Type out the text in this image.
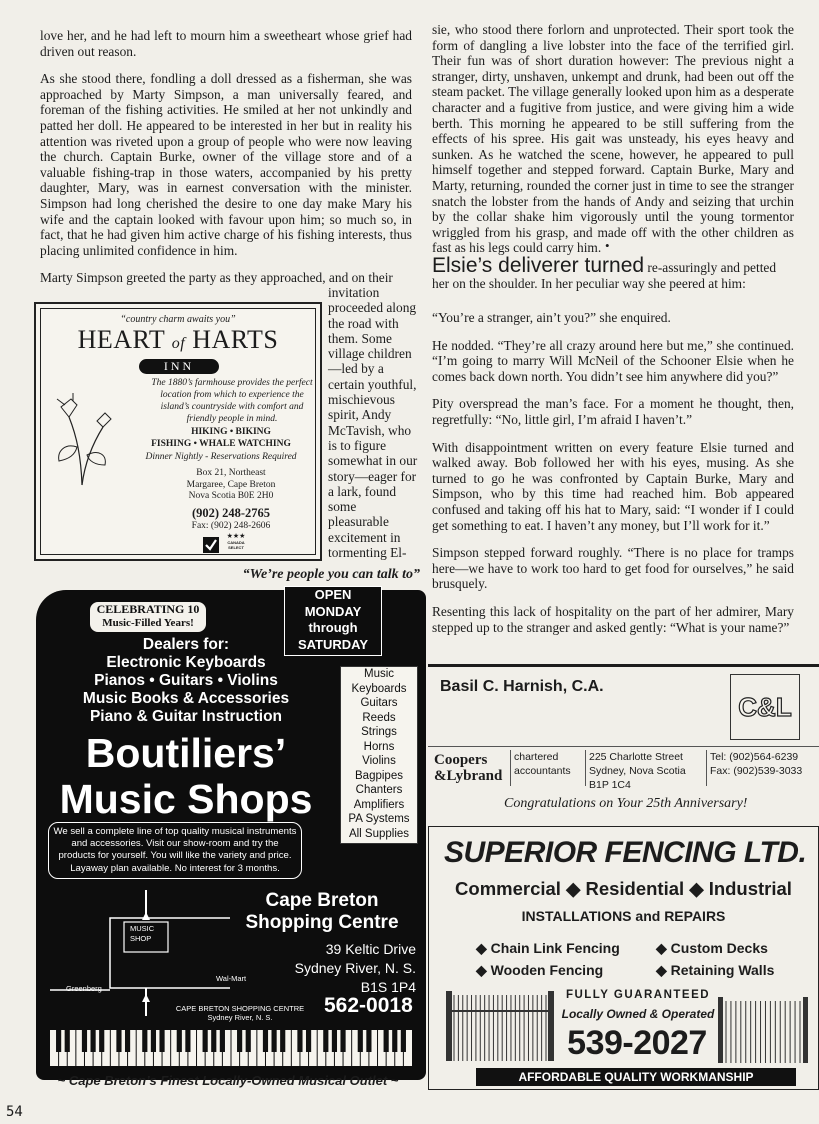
love her, and he had left to mourn him a sweetheart whose grief had driven out reason.

As she stood there, fondling a doll dressed as a fisherman, she was approached by Marty Simpson, a man universally feared, and foreman of the fishing activities. He smiled at her not unkindly and patted her doll. He appeared to be interested in her but in reality his attention was riveted upon a group of people who were now leaving the church. Captain Burke, owner of the village store and of a valuable fishing-trap in those waters, accompanied by his pretty daughter, Mary, was in earnest conversation with the minister. Simpson had long cherished the desire to one day make Mary his wife and the captain looked with favour upon him; so much so, in fact, that he had given him active charge of his fishing interests, thus placing unlimited confidence in him.

Marty Simpson greeted the party as they approached, and on their
invitation proceeded along the road with them. Some village children—led by a certain youthful, mischievous spirit, Andy McTavish, who is to figure somewhat in our story—eager for a lark, found some pleasurable excitement in tormenting El-
“country charm awaits you”
HEART of HARTS
INN
The 1880’s farmhouse provides the perfect location from which to experience the island’s countryside with comfort and friendly people in mind.
HIKING • BIKING
FISHING • WHALE WATCHING
Dinner Nightly - Reservations Required
Box 21, Northeast
Margaree, Cape Breton
Nova Scotia B0E 2H0
(902) 248-2765
Fax: (902) 248-2606
★★★
CANADA SELECT
“We’re people you can talk to”
CELEBRATING 10
Music-Filled Years!
OPEN
MONDAY
through
SATURDAY
Dealers for:
Electronic Keyboards
Pianos • Guitars • Violins
Music Books & Accessories
Piano & Guitar Instruction
Boutiliers’
Music Shops
Music
Keyboards
Guitars
Reeds
Strings
Horns
Violins
Bagpipes
Chanters
Amplifiers
PA Systems
All Supplies
We sell a complete line of top quality musical instruments and accessories. Visit our show-room and try the products for yourself. You will like the variety and price. Layaway plan available. No interest for 3 months.
MUSIC
SHOP
Wal-Mart
Greenberg
Cape Breton
Shopping Centre
39 Keltic Drive
Sydney River, N. S.
B1S 1P4
CAPE BRETON SHOPPING CENTRE
Sydney River, N. S.
562-0018
~ Cape Breton’s Finest Locally-Owned Musical Outlet ~
sie, who stood there forlorn and unprotected. Their sport took the form of dangling a live lobster into the face of the terrified girl. Their fun was of short duration however: The previous night a stranger, dirty, unshaven, unkempt and drunk, had been out off the steam packet. The village generally looked upon him as a desperate character and a fugitive from justice, and were giving him a wide berth. This morning he appeared to be still suffering from the effects of his spree. His gait was unsteady, his eyes heavy and sunken. As he watched the scene, however, he appeared to pull himself together and stepped forward. Captain Burke, Mary and Marty, returning, rounded the corner just in time to see the stranger snatch the lobster from the hands of Andy and seizing that urchin by the collar shake him vigorously until the young tormentor wriggled from his grasp, and made off with the other children as fast as his legs could carry him. •
Elsie’s deliverer turned re-assuringly and petted her on the shoulder. In her peculiar way she peered at him:

“You’re a stranger, ain’t you?” she enquired.

He nodded. “They’re all crazy around here but me,” she continued. “I’m going to marry Will McNeil of the Schooner Elsie when he comes back down north. You didn’t see him anywhere did you?”

Pity overspread the man’s face. For a moment he thought, then, regretfully: “No, little girl, I’m afraid I haven’t.”

With disappointment written on every feature Elsie turned and walked away. Bob followed her with his eyes, musing. As she turned to go he was confronted by Captain Burke, Mary and Simpson, who by this time had reached him. Bob appeared confused and taking off his hat to Mary, said: “I wonder if I could get something to eat. I haven’t any money, but I’ll work for it.”

Simpson stepped forward roughly. “There is no place for tramps here—we have to work too hard to get food for ourselves,” he said brusquely.

Resenting this lack of hospitality on the part of her admirer, Mary stepped up to the stranger and asked gently: “What is your name?”

Basil C. Harnish, C.A.
C&L
Coopers
&Lybrand
chartered
accountants
225 Charlotte Street
Sydney, Nova Scotia
B1P 1C4
Tel: (902)564-6239
Fax: (902)539-3033
Congratulations on Your 25th Anniversary!
SUPERIOR FENCING LTD.
Commercial ◆ Residential ◆ Industrial
INSTALLATIONS and REPAIRS
◆ Chain Link Fencing	◆ Custom Decks
◆ Wooden Fencing	◆ Retaining Walls
FULLY GUARANTEED
Locally Owned & Operated
539-2027
AFFORDABLE QUALITY WORKMANSHIP
54
